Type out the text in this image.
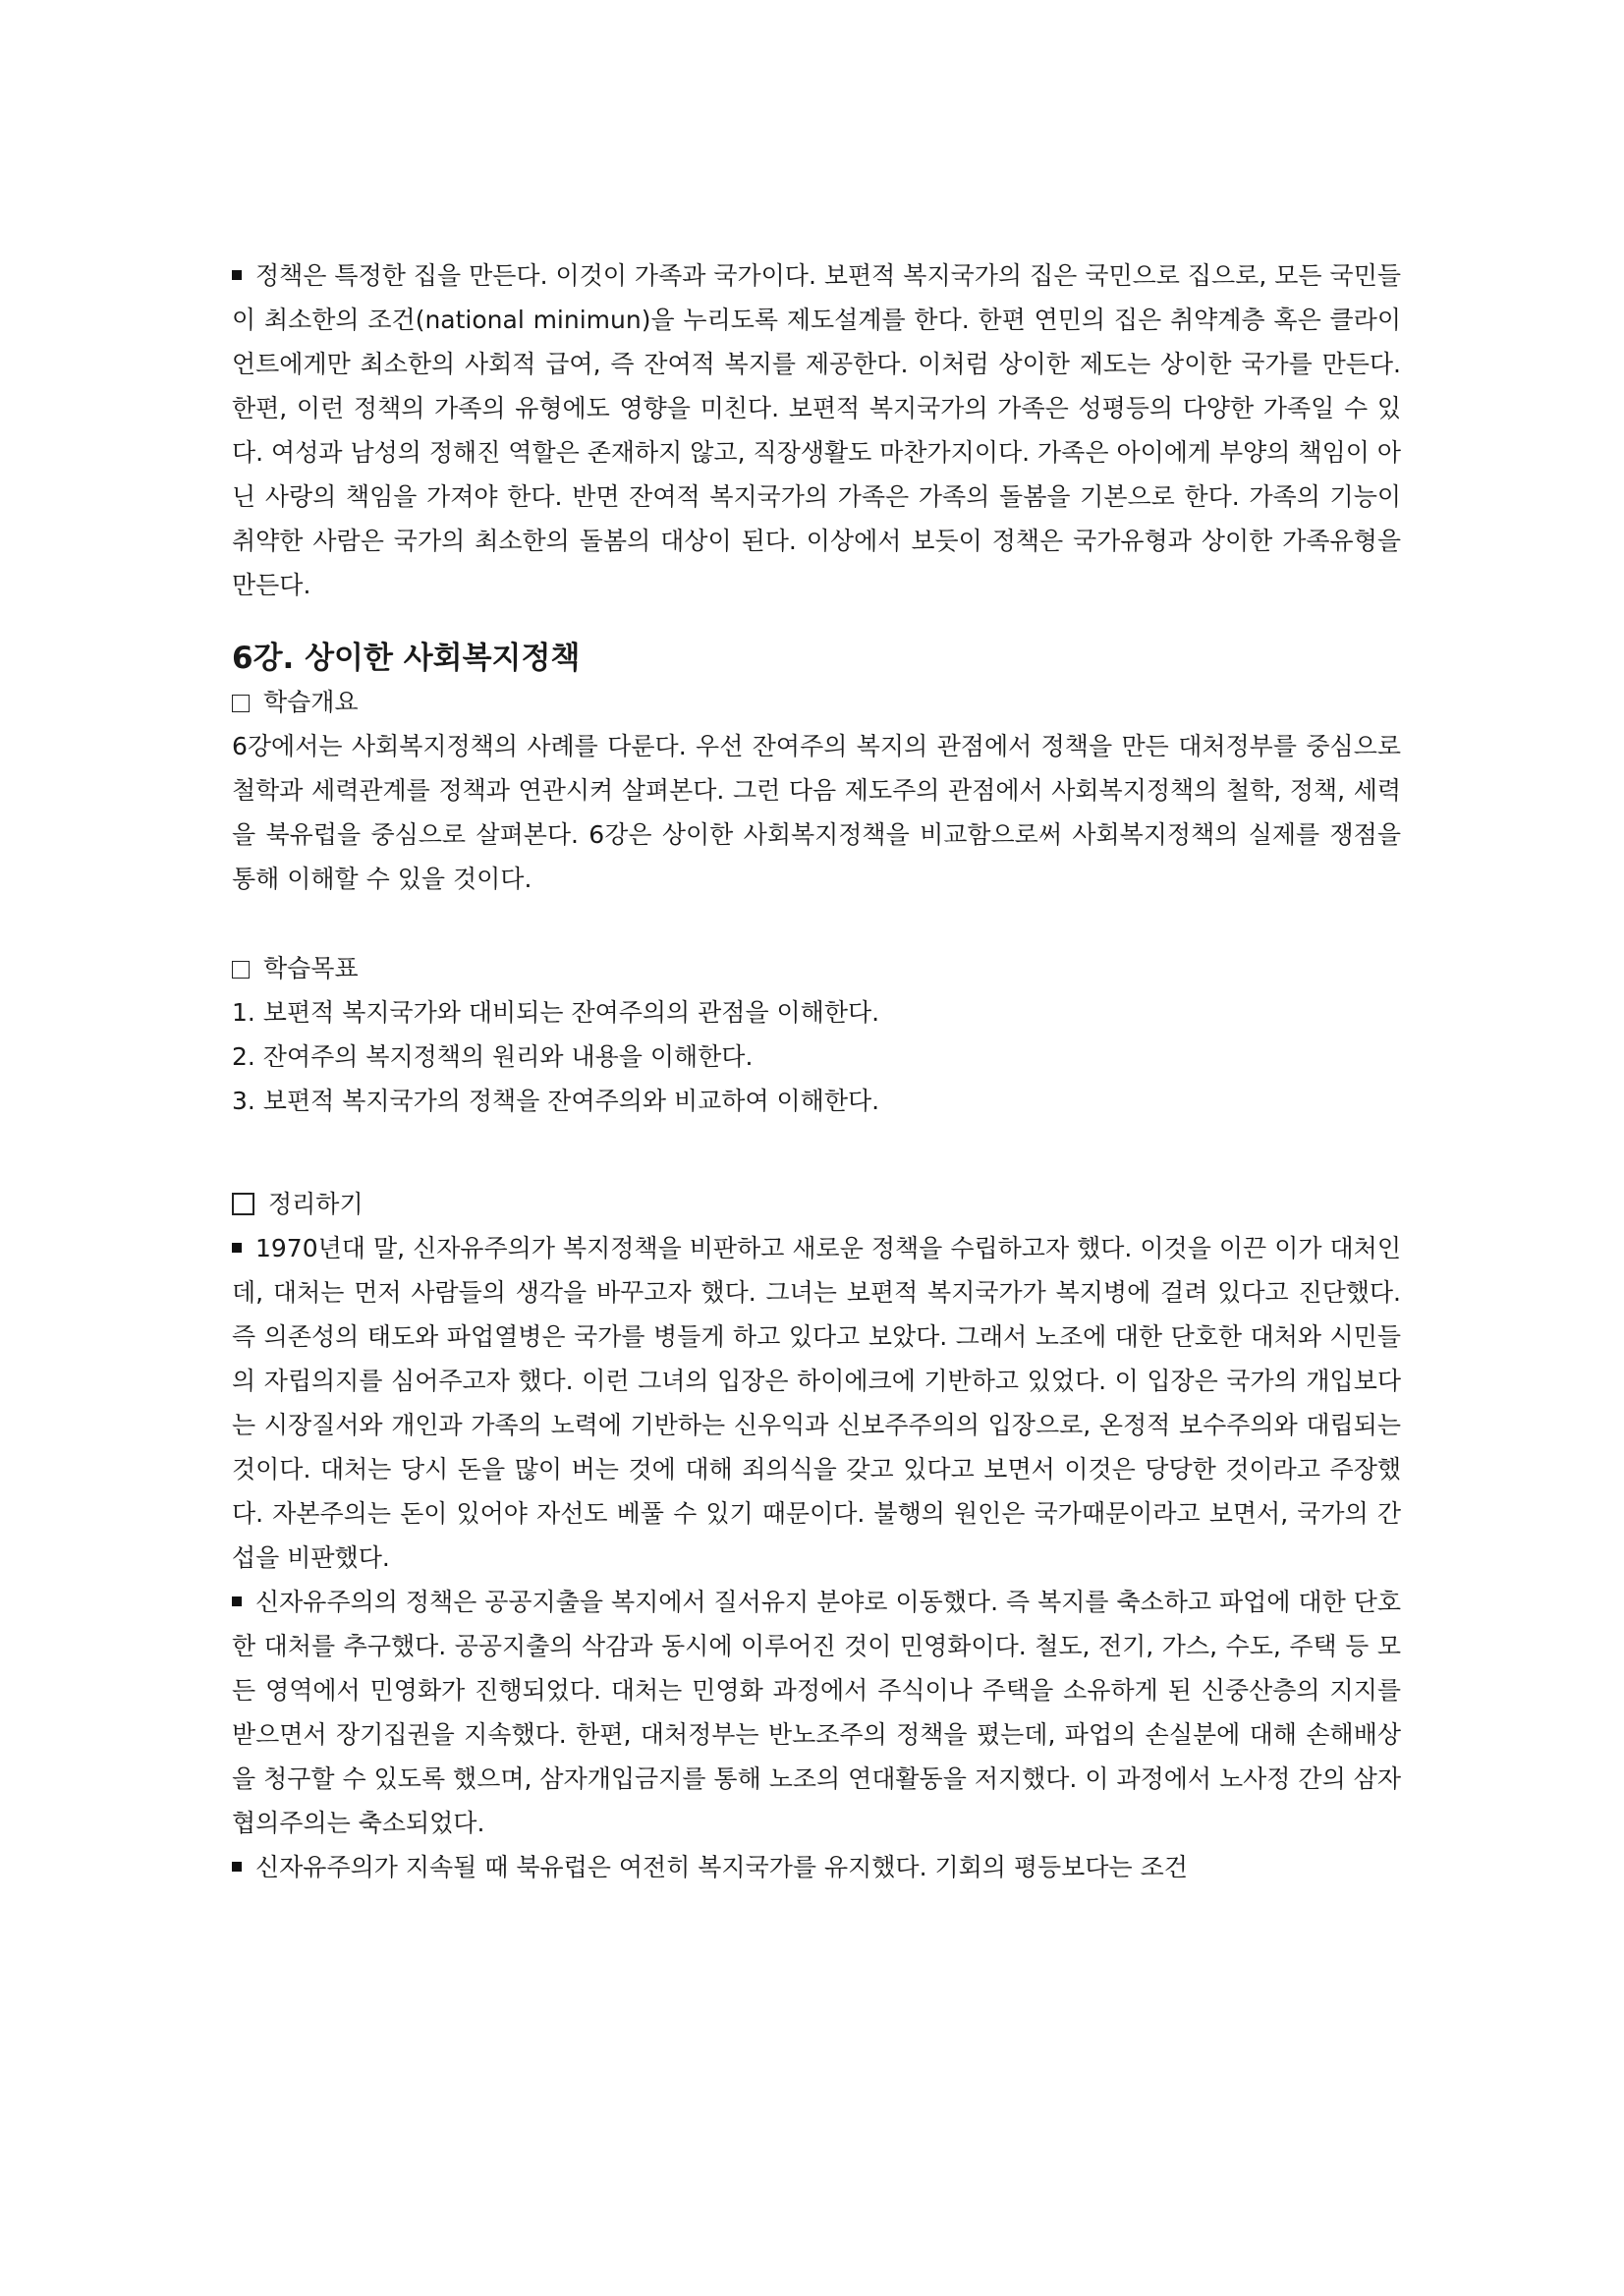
정책은 특정한 집을 만든다. 이것이 가족과 국가이다. 보편적 복지국가의 집은 국민으로 집으로, 모든 국민들이 최소한의 조건(national minimun)을 누리도록 제도설계를 한다. 한편 연민의 집은 취약계층 혹은 클라이언트에게만 최소한의 사회적 급여, 즉 잔여적 복지를 제공한다. 이처럼 상이한 제도는 상이한 국가를 만든다. 한편, 이런 정책의 가족의 유형에도 영향을 미친다. 보편적 복지국가의 가족은 성평등의 다양한 가족일 수 있다. 여성과 남성의 정해진 역할은 존재하지 않고, 직장생활도 마찬가지이다. 가족은 아이에게 부양의 책임이 아닌 사랑의 책임을 가져야 한다. 반면 잔여적 복지국가의 가족은 가족의 돌봄을 기본으로 한다. 가족의 기능이 취약한 사람은 국가의 최소한의 돌봄의 대상이 된다. 이상에서 보듯이 정책은 국가유형과 상이한 가족유형을 만든다.

6강. 상이한 사회복지정책

학습개요

6강에서는 사회복지정책의 사례를 다룬다. 우선 잔여주의 복지의 관점에서 정책을 만든 대처정부를 중심으로 철학과 세력관계를 정책과 연관시켜 살펴본다. 그런 다음 제도주의 관점에서 사회복지정책의 철학, 정책, 세력을 북유럽을 중심으로 살펴본다. 6강은 상이한 사회복지정책을 비교함으로써 사회복지정책의 실제를 쟁점을 통해 이해할 수 있을 것이다.

학습목표

1. 보편적 복지국가와 대비되는 잔여주의의 관점을 이해한다.

2. 잔여주의 복지정책의 원리와 내용을 이해한다.

3. 보편적 복지국가의 정책을 잔여주의와 비교하여 이해한다.

정리하기

1970년대 말, 신자유주의가 복지정책을 비판하고 새로운 정책을 수립하고자 했다. 이것을 이끈 이가 대처인데, 대처는 먼저 사람들의 생각을 바꾸고자 했다. 그녀는 보편적 복지국가가 복지병에 걸려 있다고 진단했다. 즉 의존성의 태도와 파업열병은 국가를 병들게 하고 있다고 보았다. 그래서 노조에 대한 단호한 대처와 시민들의 자립의지를 심어주고자 했다. 이런 그녀의 입장은 하이에크에 기반하고 있었다. 이 입장은 국가의 개입보다는 시장질서와 개인과 가족의 노력에 기반하는 신우익과 신보주주의의 입장으로, 온정적 보수주의와 대립되는 것이다. 대처는 당시 돈을 많이 버는 것에 대해 죄의식을 갖고 있다고 보면서 이것은 당당한 것이라고 주장했다. 자본주의는 돈이 있어야 자선도 베풀 수 있기 때문이다. 불행의 원인은 국가때문이라고 보면서, 국가의 간섭을 비판했다.

신자유주의의 정책은 공공지출을 복지에서 질서유지 분야로 이동했다. 즉 복지를 축소하고 파업에 대한 단호한 대처를 추구했다. 공공지출의 삭감과 동시에 이루어진 것이 민영화이다. 철도, 전기, 가스, 수도, 주택 등 모든 영역에서 민영화가 진행되었다. 대처는 민영화 과정에서 주식이나 주택을 소유하게 된 신중산층의 지지를 받으면서 장기집권을 지속했다. 한편, 대처정부는 반노조주의 정책을 폈는데, 파업의 손실분에 대해 손해배상을 청구할 수 있도록 했으며, 삼자개입금지를 통해 노조의 연대활동을 저지했다. 이 과정에서 노사정 간의 삼자협의주의는 축소되었다.

신자유주의가 지속될 때 북유럽은 여전히 복지국가를 유지했다. 기회의 평등보다는 조건
